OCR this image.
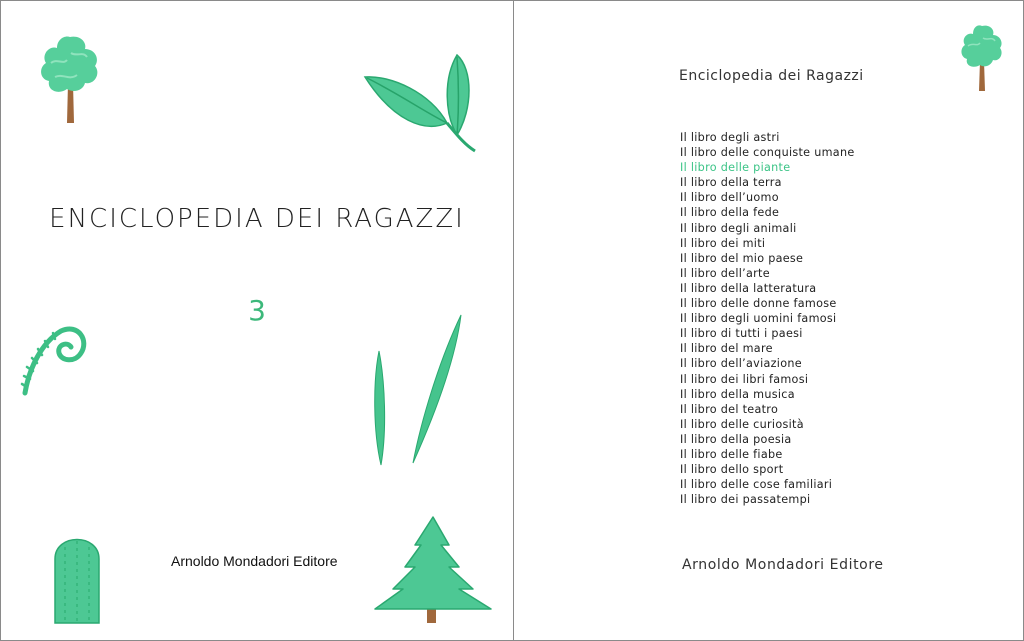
ENCICLOPEDIA DEI RAGAZZI
3
Arnoldo Mondadori Editore
Enciclopedia dei Ragazzi
Il libro degli astri
Il libro delle conquiste umane
Il libro delle piante
Il libro della terra
Il libro dell’uomo
Il libro della fede
Il libro degli animali
Il libro dei miti
Il libro del mio paese
Il libro dell’arte
Il libro della latteratura
Il libro delle donne famose
Il libro degli uomini famosi
Il libro di tutti i paesi
Il libro del mare
Il libro dell’aviazione
Il libro dei libri famosi
Il libro della musica
Il libro del teatro
Il libro delle curiosità
Il libro della poesia
Il libro delle fiabe
Il libro dello sport
Il libro delle cose familiari
Il libro dei passatempi
Arnoldo Mondadori Editore
